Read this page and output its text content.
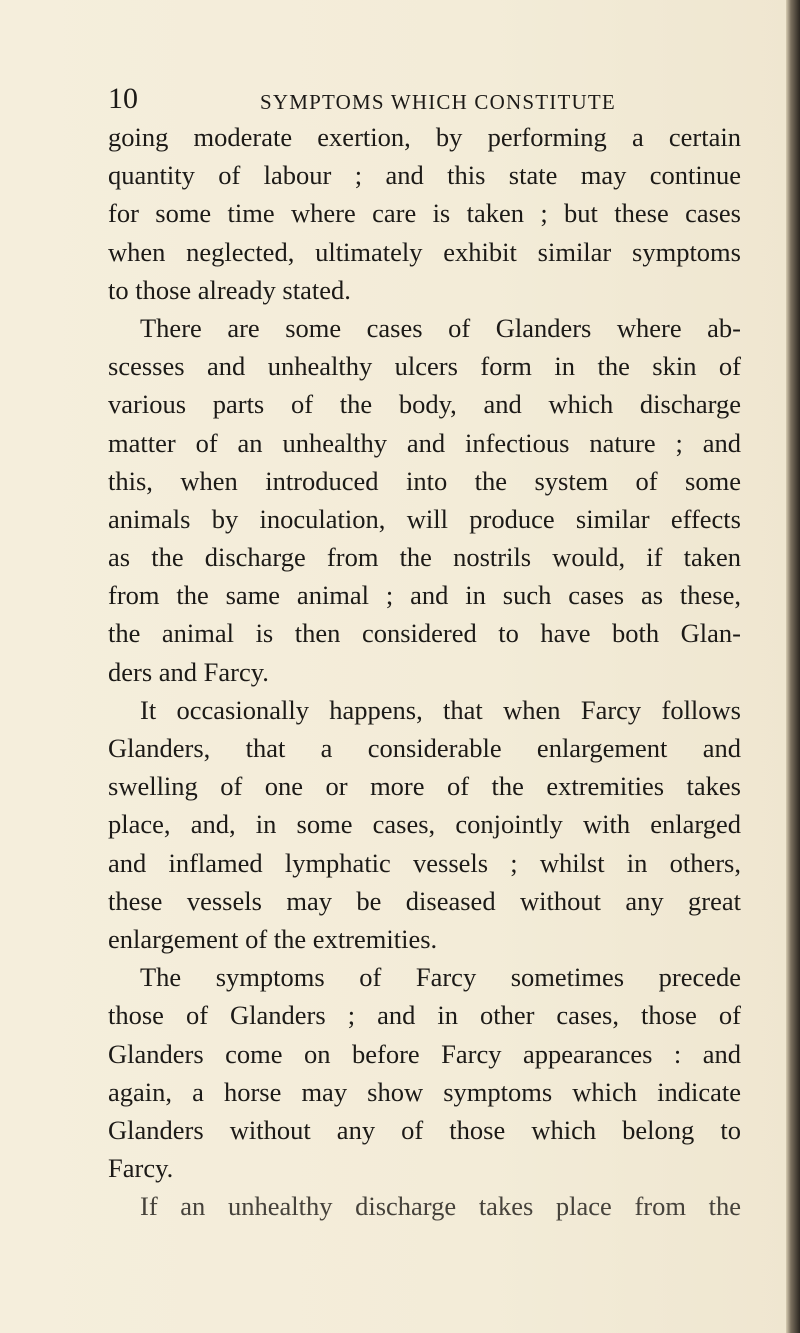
10	SYMPTOMS WHICH CONSTITUTE
going moderate exertion, by performing a certain
quantity of labour ; and this state may continue
for some time where care is taken ; but these cases
when neglected, ultimately exhibit similar symptoms
to those already stated.
There are some cases of Glanders where ab-
scesses and unhealthy ulcers form in the skin of
various parts of the body, and which discharge
matter of an unhealthy and infectious nature ; and
this, when introduced into the system of some
animals by inoculation, will produce similar effects
as the discharge from the nostrils would, if taken
from the same animal ; and in such cases as these,
the animal is then considered to have both Glan-
ders and Farcy.
It occasionally happens, that when Farcy follows
Glanders, that a considerable enlargement and
swelling of one or more of the extremities takes
place, and, in some cases, conjointly with enlarged
and inflamed lymphatic vessels ; whilst in others,
these vessels may be diseased without any great
enlargement of the extremities.
The symptoms of Farcy sometimes precede
those of Glanders ; and in other cases, those of
Glanders come on before Farcy appearances : and
again, a horse may show symptoms which indicate
Glanders without any of those which belong to
Farcy.
If an unhealthy discharge takes place from the
